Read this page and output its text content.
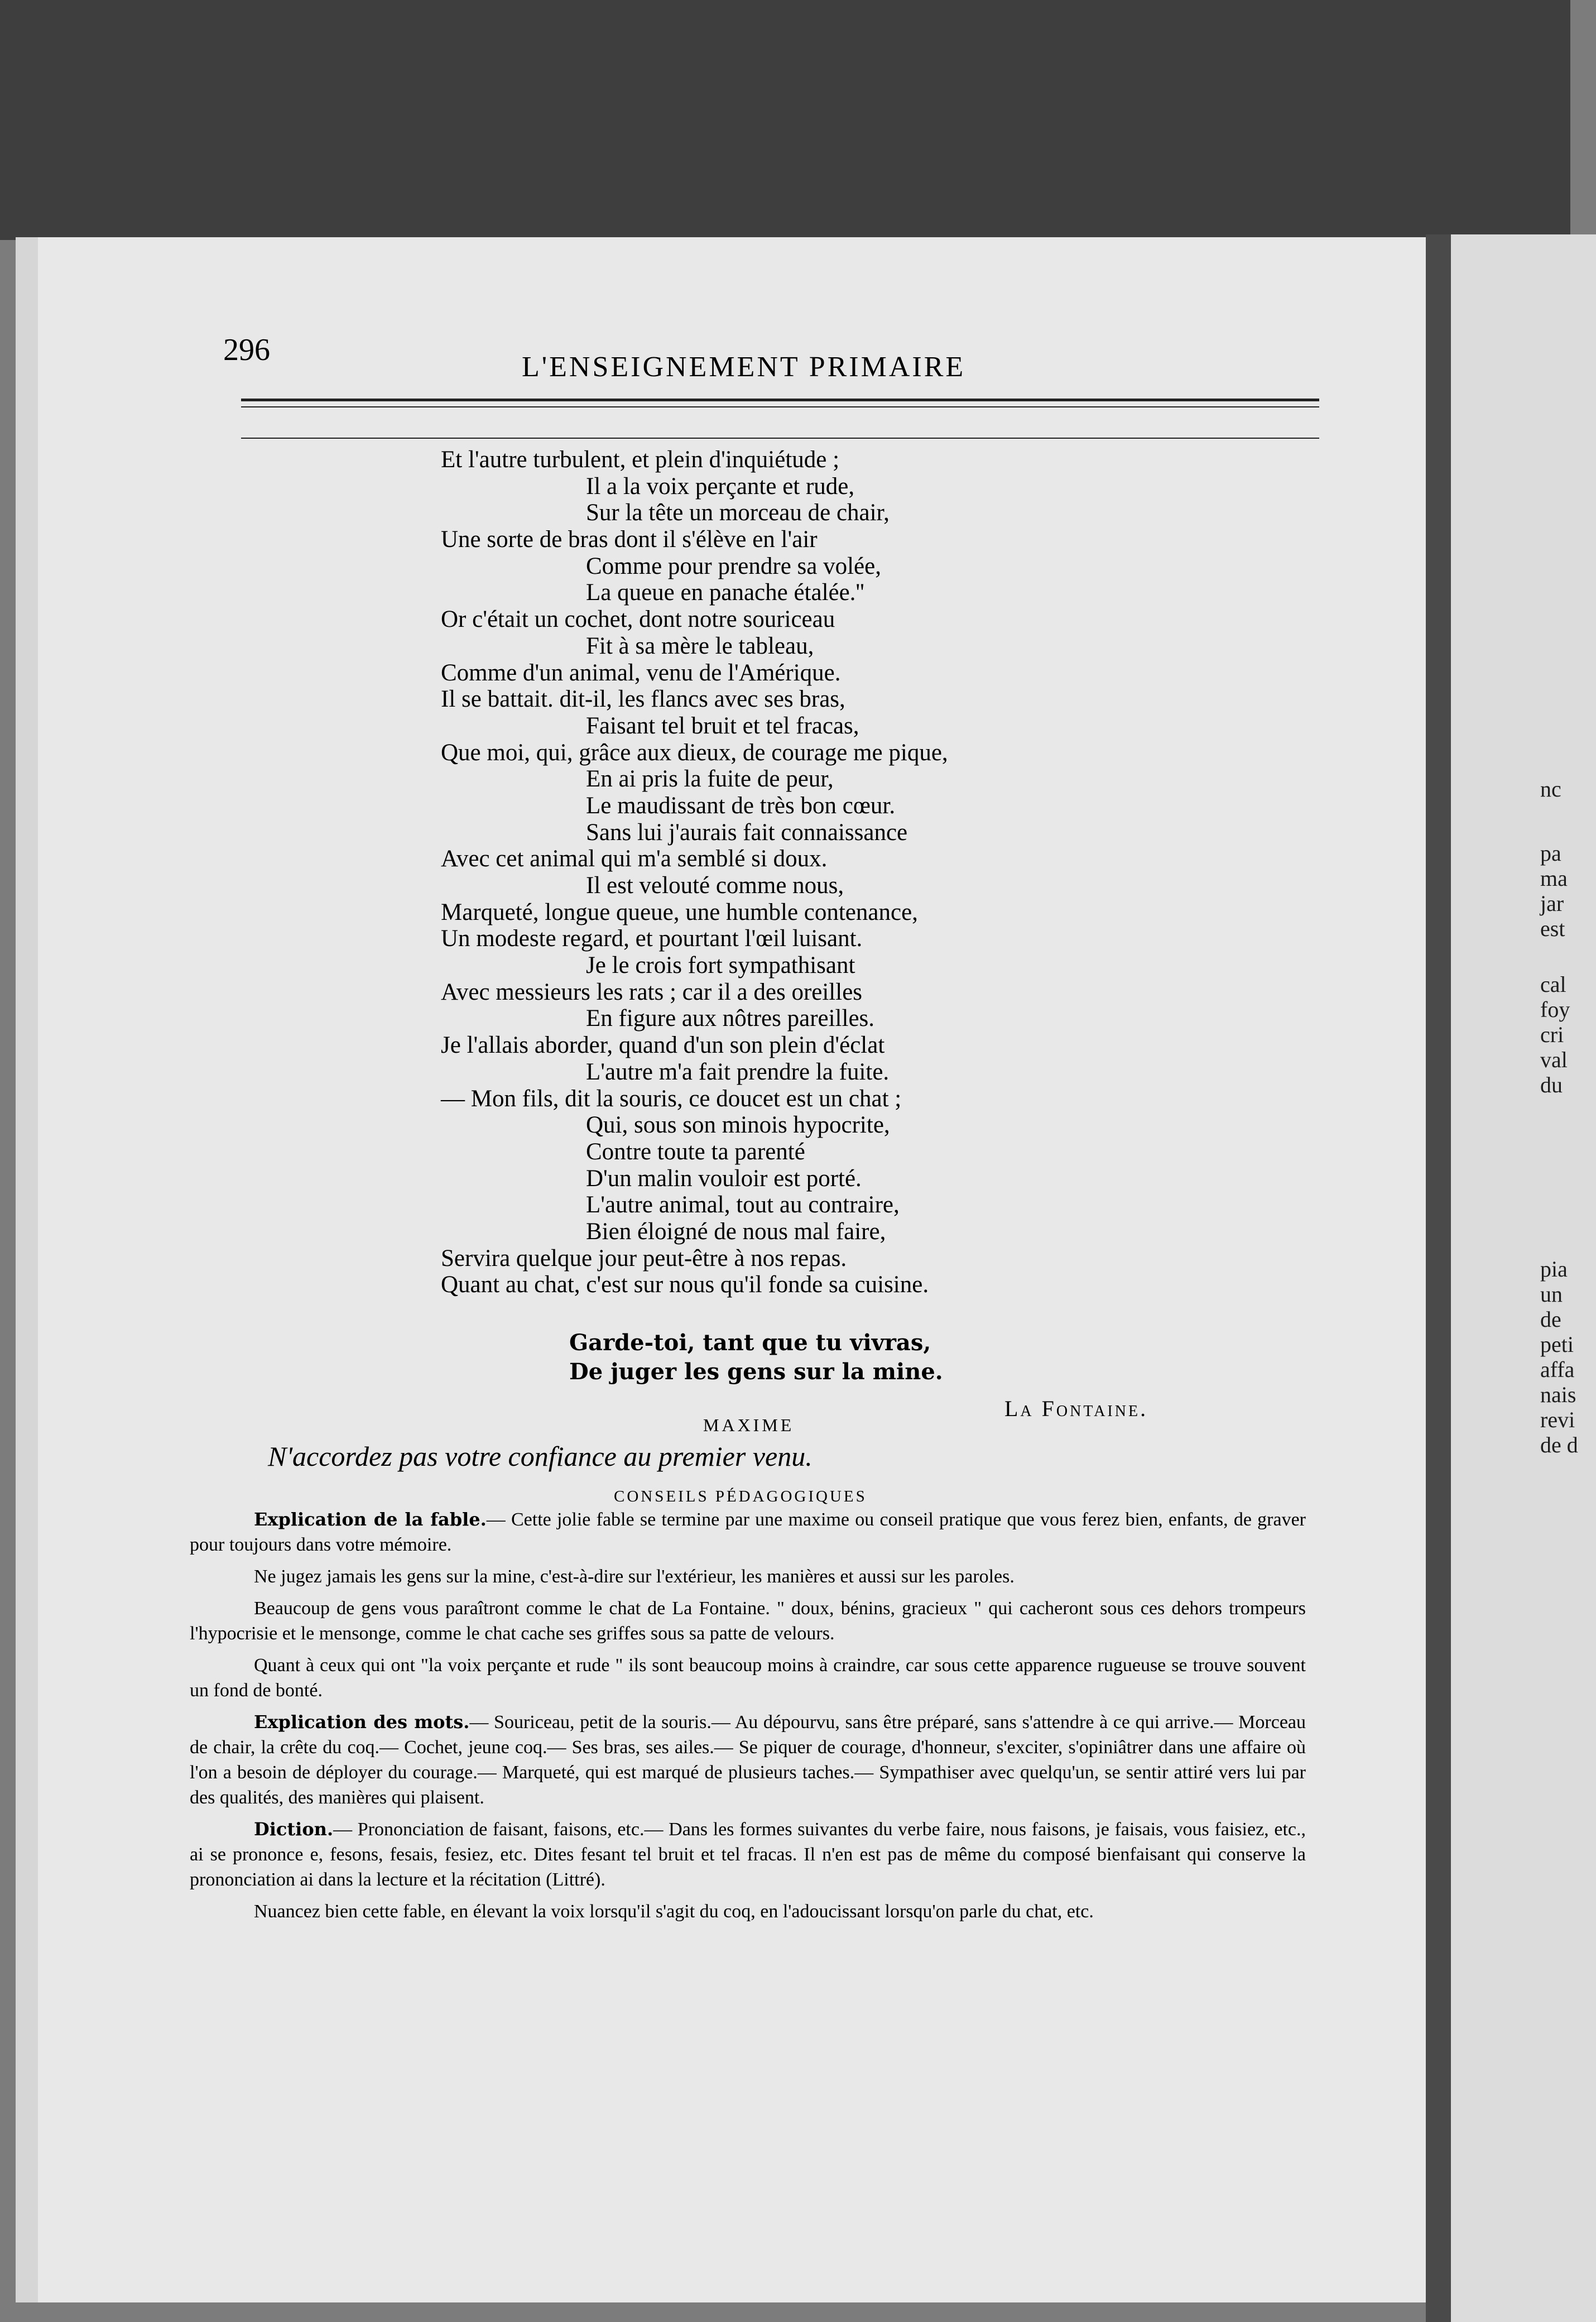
nc
pa
ma
jar
est
cal
foy
cri
val
du
pia
un
de
peti
affa
nais
revi
de d
296	L'ENSEIGNEMENT PRIMAIRE
Et l'autre turbulent, et plein d'inquiétude ;
Il a la voix perçante et rude,
Sur la tête un morceau de chair,
Une sorte de bras dont il s'élève en l'air
Comme pour prendre sa volée,
La queue en panache étalée.''
Or c'était un cochet, dont notre souriceau
Fit à sa mère le tableau,
Comme d'un animal, venu de l'Amérique.
Il se battait. dit-il, les flancs avec ses bras,
Faisant tel bruit et tel fracas,
Que moi, qui, grâce aux dieux, de courage me pique,
En ai pris la fuite de peur,
Le maudissant de très bon cœur.
Sans lui j'aurais fait connaissance
Avec cet animal qui m'a semblé si doux.
Il est velouté comme nous,
Marqueté, longue queue, une humble contenance,
Un modeste regard, et pourtant l'œil luisant.
Je le crois fort sympathisant
Avec messieurs les rats ; car il a des oreilles
En figure aux nôtres pareilles.
Je l'allais aborder, quand d'un son plein d'éclat
L'autre m'a fait prendre la fuite.
— Mon fils, dit la souris, ce doucet est un chat ;
Qui, sous son minois hypocrite,
Contre toute ta parenté
D'un malin vouloir est porté.
L'autre animal, tout au contraire,
Bien éloigné de nous mal faire,
Servira quelque jour peut-être à nos repas.
Quant au chat, c'est sur nous qu'il fonde sa cuisine.
Garde-toi, tant que tu vivras,
De juger les gens sur la mine.
La Fontaine.
MAXIME
N'accordez pas votre confiance au premier venu.
CONSEILS PÉDAGOGIQUES

Explication de la fable.— Cette jolie fable se termine par une maxime ou conseil pratique que vous ferez bien, enfants, de graver pour toujours dans votre mémoire.

Ne jugez jamais les gens sur la mine, c'est-à-dire sur l'extérieur, les manières et aussi sur les paroles.

Beaucoup de gens vous paraîtront comme le chat de La Fontaine. " doux, bénins, gracieux " qui cacheront sous ces dehors trompeurs l'hypocrisie et le mensonge, comme le chat cache ses griffes sous sa patte de velours.

Quant à ceux qui ont "la voix perçante et rude " ils sont beaucoup moins à craindre, car sous cette apparence rugueuse se trouve souvent un fond de bonté.

Explication des mots.— Souriceau, petit de la souris.— Au dépourvu, sans être préparé, sans s'attendre à ce qui arrive.— Morceau de chair, la crête du coq.— Cochet, jeune coq.— Ses bras, ses ailes.— Se piquer de courage, d'honneur, s'exciter, s'opiniâtrer dans une affaire où l'on a besoin de déployer du courage.— Marqueté, qui est marqué de plusieurs taches.— Sympathiser avec quelqu'un, se sentir attiré vers lui par des qualités, des manières qui plaisent.

Diction.— Prononciation de faisant, faisons, etc.— Dans les formes suivantes du verbe faire, nous faisons, je faisais, vous faisiez, etc., ai se prononce e, fesons, fesais, fesiez, etc. Dites fesant tel bruit et tel fracas. Il n'en est pas de même du composé bienfaisant qui conserve la prononciation ai dans la lecture et la récitation (Littré).

Nuancez bien cette fable, en élevant la voix lorsqu'il s'agit du coq, en l'adoucissant lorsqu'on parle du chat, etc.
